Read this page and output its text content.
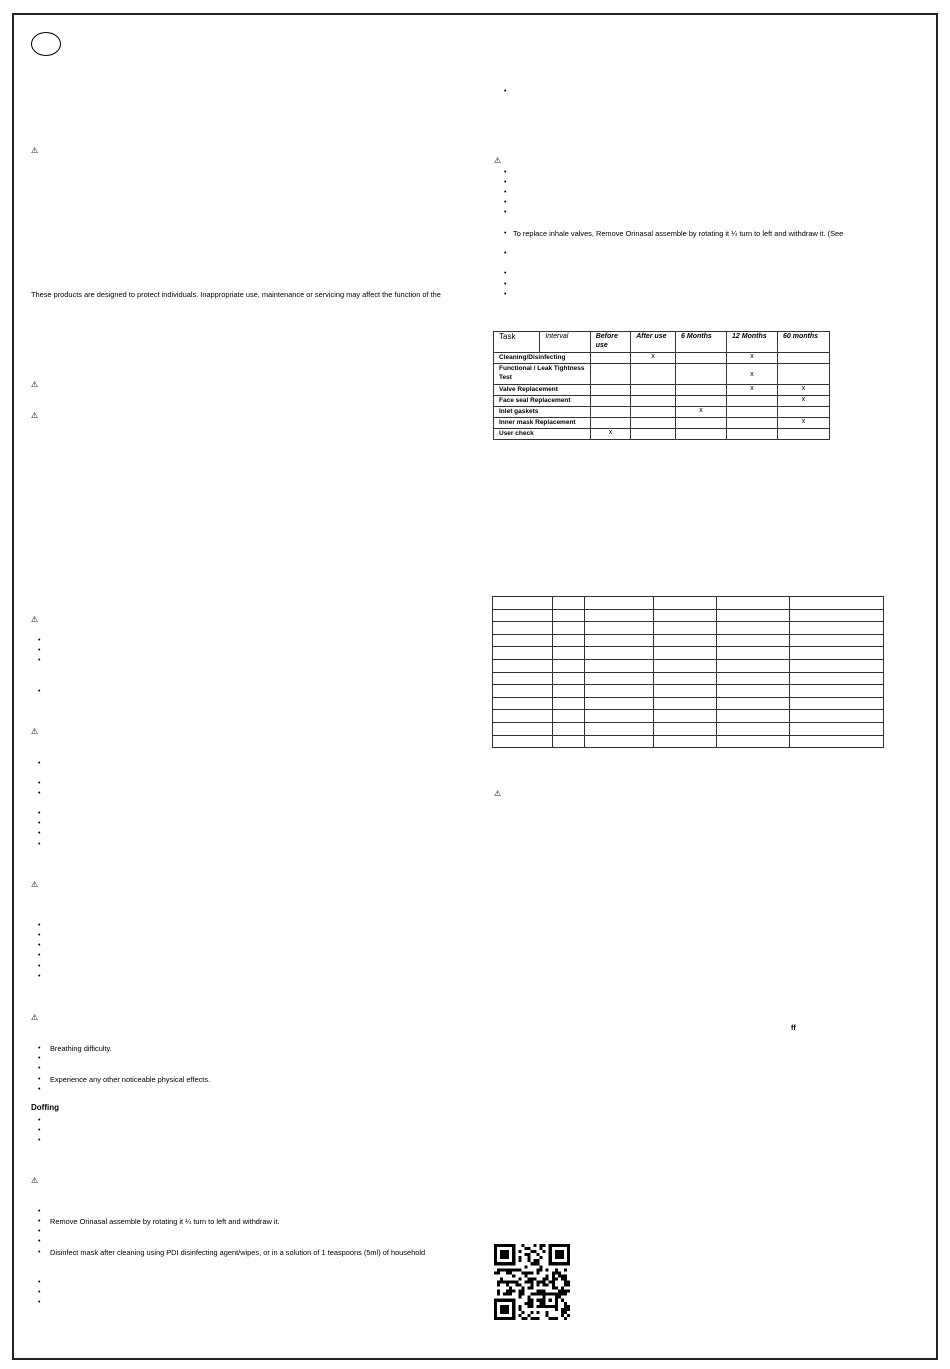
⚠
These products are designed to protect individuals. Inappropriate use, maintenance or servicing may affect the function of the
⚠
⚠
⚠
•
•
•
•
⚠
•
•
•
•
•
•
•
⚠
•
•
•
•
•
•
⚠
• Breathing difficulty.
•
•
• Experience any other noticeable physical effects.
•
Doffing
•
•
•
⚠
•
• Remove Orinasal assemble by rotating it ¼ turn to left and withdraw it.
•
•
• Disinfect mask after cleaning using PDI disinfecting agent/wipes, or in a solution of 1 teaspoons (5ml) of household
•
•
•
•
⚠
•
•
•
•
•
• To replace inhale valves, Remove Orinasal assemble by rotating it ¼ turn to left and withdraw it. (See
•
•
•
•
Task	Interval	Before use	After use	6 Months	12 Months	60 months
Cleaning/Disinfecting			x		x	
Functional / Leak Tightness Test					x	
Valve Replacement					x	x
Face seal Replacement						x
Inlet gaskets				x		
Inner mask Replacement						x
User check		x				

⚠
ff
